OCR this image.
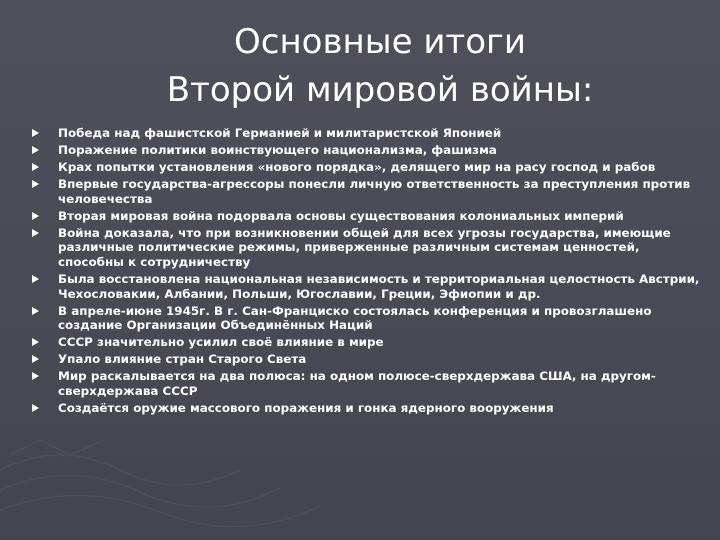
Основные итоги
Второй мировой войны:
Победа над фашистской Германией и милитаристской Японией
Поражение политики воинствующего национализма, фашизма
Крах попытки установления «нового порядка», делящего мир на расу господ и рабов
Впервые государства-агрессоры понесли личную ответственность за преступления против человечества
Вторая мировая война подорвала основы существования колониальных империй
Война доказала, что при возникновении общей для всех угрозы государства, имеющие различные политические режимы, приверженные различным системам ценностей, способны к сотрудничеству
Была восстановлена национальная независимость и территориальная целостность Австрии, Чехословакии, Албании, Польши, Югославии, Греции, Эфиопии и др.
В апреле-июне 1945г. В г. Сан-Франциско состоялась конференция и провозглашено создание Организации Объединённых Наций
СССР значительно усилил своё влияние в мире
Упало влияние стран Старого Света
Мир раскалывается на два полюса: на одном полюсе-сверхдержава США, на другом-сверхдержава СССР
Создаётся оружие массового поражения и гонка ядерного вооружения
